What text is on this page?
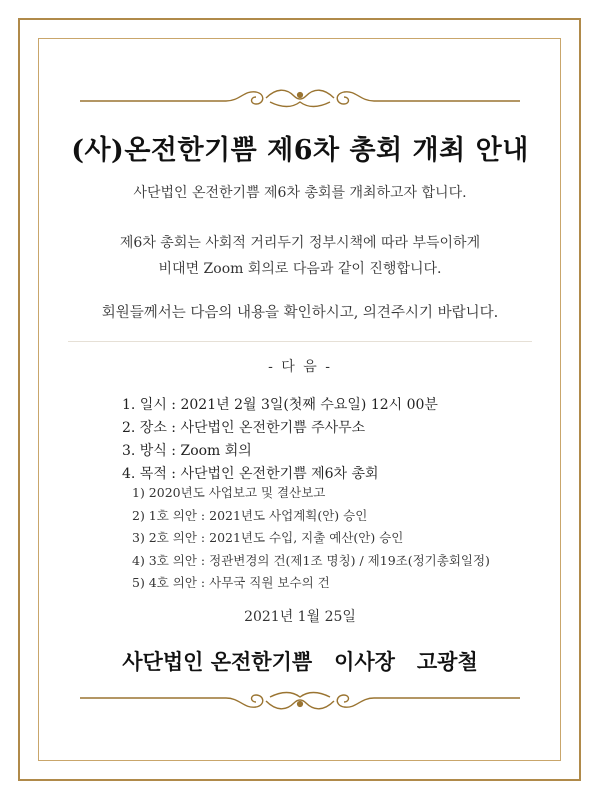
(사)온전한기쁨 제6차 총회 개최 안내
사단법인 온전한기쁨 제6차 총회를 개최하고자 합니다.
제6차 총회는 사회적 거리두기 정부시책에 따라 부득이하게
비대면 Zoom 회의로 다음과 같이 진행합니다.
회원들께서는 다음의 내용을 확인하시고, 의견주시기 바랍니다.
- 다 음 -
1. 일시 : 2021년 2월 3일(첫째 수요일) 12시 00분
2. 장소 : 사단법인 온전한기쁨 주사무소
3. 방식 : Zoom 회의
4. 목적 : 사단법인 온전한기쁨 제6차 총회
1) 2020년도 사업보고 및 결산보고
2) 1호 의안 : 2021년도 사업계획(안) 승인
3) 2호 의안 : 2021년도 수입, 지출 예산(안) 승인
4) 3호 의안 : 정관변경의 건(제1조 명칭) / 제19조(정기총회일정)
5) 4호 의안 : 사무국 직원 보수의 건
2021년 1월 25일
사단법인 온전한기쁨   이사장   고광철
